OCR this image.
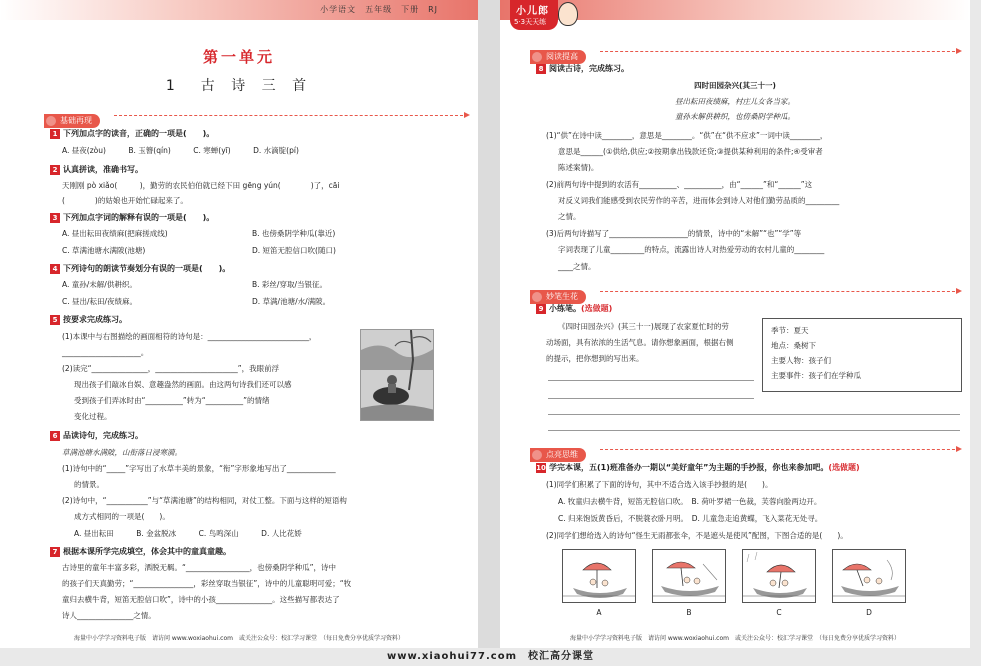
小学语文　五年级　下册　RJ
第一单元
1　古 诗 三 首
基础再现
1 下列加点字的读音，正确的一项是(　　)。
A. 昼夜(zòu)　　　B. 玉簪(qín)　　　C. 寒蝉(yī)　　　D. 水滴腚(pí)
2 认真拼读，准确书写。
天刚刚 pò xiǎo(　　　)，勤劳的农民伯伯就已经下田 gēng yún(　　　　)了，cāi
(　　　　)的姑娘也开始忙碌起来了。
3 下列加点字词的解释有误的一项是(　　)。
A. 昼出耘田夜绩麻(把麻搓成线)	B. 也傍桑阴学种瓜(靠近)
C. 草满池塘水满陂(池塘)	D. 短笛无腔信口吹(随口)
4 下列诗句的朗读节奏划分有误的一项是(　　)。
A. 童孙/未解/供耕织。	B. 彩丝/穿取/当银征。
C. 昼出/耘田/夜绩麻。	D. 草满/池塘/水/满陂。
5 按要求完成练习。
(1)本课中与右图描绘的画面相符的诗句是：___________________________，
_____________________。
(2)读完“_______________，______________________”，我眼前浮
现出孩子们敲冰自娱、意趣盎然的画面。由这两句诗我们还可以感
受到孩子们弄冰时由“__________”转为“__________”的情绪
变化过程。
6 品读诗句，完成练习。
草满池塘水满陂，山衔落日浸寒漪。
(1)诗句中的“_____”字写出了水草丰美的景象，“衔”字形象地写出了_____________
的情景。
(2)诗句中，“___________”与“草满池塘”的结构相同，对仗工整。下面与这样的短语构
成方式相同的一项是(　　)。
A. 昼出耘田　　　B. 金盆脱冰　　　C. 鸟鸣深山　　　D. 人比花娇
7 根据本课所学完成填空，体会其中的童真童趣。
古诗里的童年丰富多彩，洒脱无羁。“_________________，也傍桑阴学种瓜”，诗中
的孩子们天真勤劳；“________________，彩丝穿取当银征”，诗中的儿童聪明可爱；“牧
童归去横牛背，短笛无腔信口吹”，诗中的小孩_______________。这些描写都表达了
诗人_______________之情。
海量中小学学习资料电子版　请访问 www.woxiaohui.com　或关注公众号：校汇学习课堂　（每日免费分享优质学习资料）
小儿郎
5·3天天练
阅读提高
8 阅读古诗，完成练习。
四时田园杂兴(其三十一)
昼出耘田夜绩麻，村庄儿女各当家。
童孙未解供耕织，也傍桑阴学种瓜。
(1)“供”在诗中读________，意思是________。“供”在“供不应求”一词中读________，
意思是______(①供给,供应;②按期拿出钱款还贷;③提供某种利用的条件;④受审者
陈述案情)。
(2)前两句诗中提到的农活有__________、__________，由“______”和“______”这
对反义词我们能感受到农民劳作的辛苦，进而体会到诗人对他们勤劳品质的_________
之情。
(3)后两句诗描写了_____________________的情景，诗中的“未解”“也”“学”等
字词表现了儿童_________的特点，流露出诗人对热爱劳动的农村儿童的________
____之情。
妙笔生花
9 小练笔。(选做题)
《四时田园杂兴》(其三十一)展现了农家夏忙时的劳
动场面，具有浓浓的生活气息。请你想象画面，根据右侧
的提示，把你想到的写出来。
季节：夏天
地点：桑树下
主要人物：孩子们
主要事件：孩子们在学种瓜
点亮思维
10 学完本课，五(1)班准备办一期以“美好童年”为主题的手抄报，你也来参加吧。(选做题)
(1)同学们积累了下面的诗句，其中不适合选入该手抄报的是(　　)。
A. 牧童归去横牛背，短笛无腔信口吹。　B. 荷叶罗裙一色裁，芙蓉向脸两边开。
C. 归来饱饭黄昏后，不脱蓑衣卧月明。　D. 儿童急走追黄蝶，飞入菜花无处寻。
(2)同学们想给选入的诗句“怪生无雨都张伞，不是遮头是使风”配图，下图合适的是(　　)。
A	B	C	D
海量中小学学习资料电子版　请访问 www.woxiaohui.com　或关注公众号：校汇学习课堂　（每日免费分享优质学习资料）
www.xiaohui77.com　校汇高分课堂
